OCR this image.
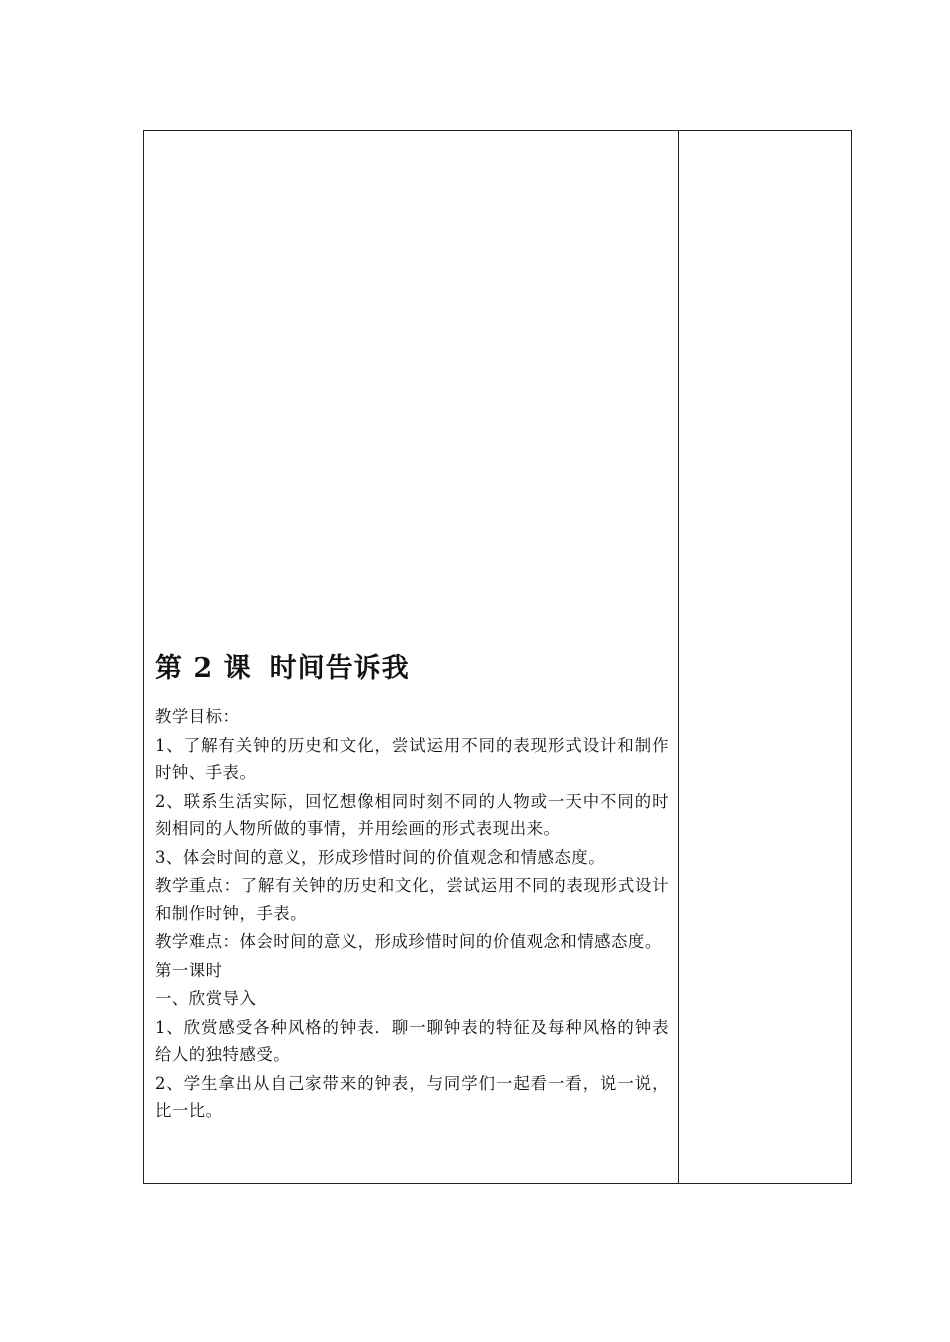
第 2 课 时间告诉我
教学目标：
1、了解有关钟的历史和文化，尝试运用不同的表现形式设计和制作时钟、手表。
2、联系生活实际，回忆想像相同时刻不同的人物或一天中不同的时刻相同的人物所做的事情，并用绘画的形式表现出来。
3、体会时间的意义，形成珍惜时间的价值观念和情感态度。
教学重点：了解有关钟的历史和文化，尝试运用不同的表现形式设计和制作时钟，手表。
教学难点：体会时间的意义，形成珍惜时间的价值观念和情感态度。
第一课时
一、欣赏导入
1、欣赏感受各种风格的钟表．聊一聊钟表的特征及每种风格的钟表给人的独特感受。
2、学生拿出从自己家带来的钟表，与同学们一起看一看，说一说，比一比。
